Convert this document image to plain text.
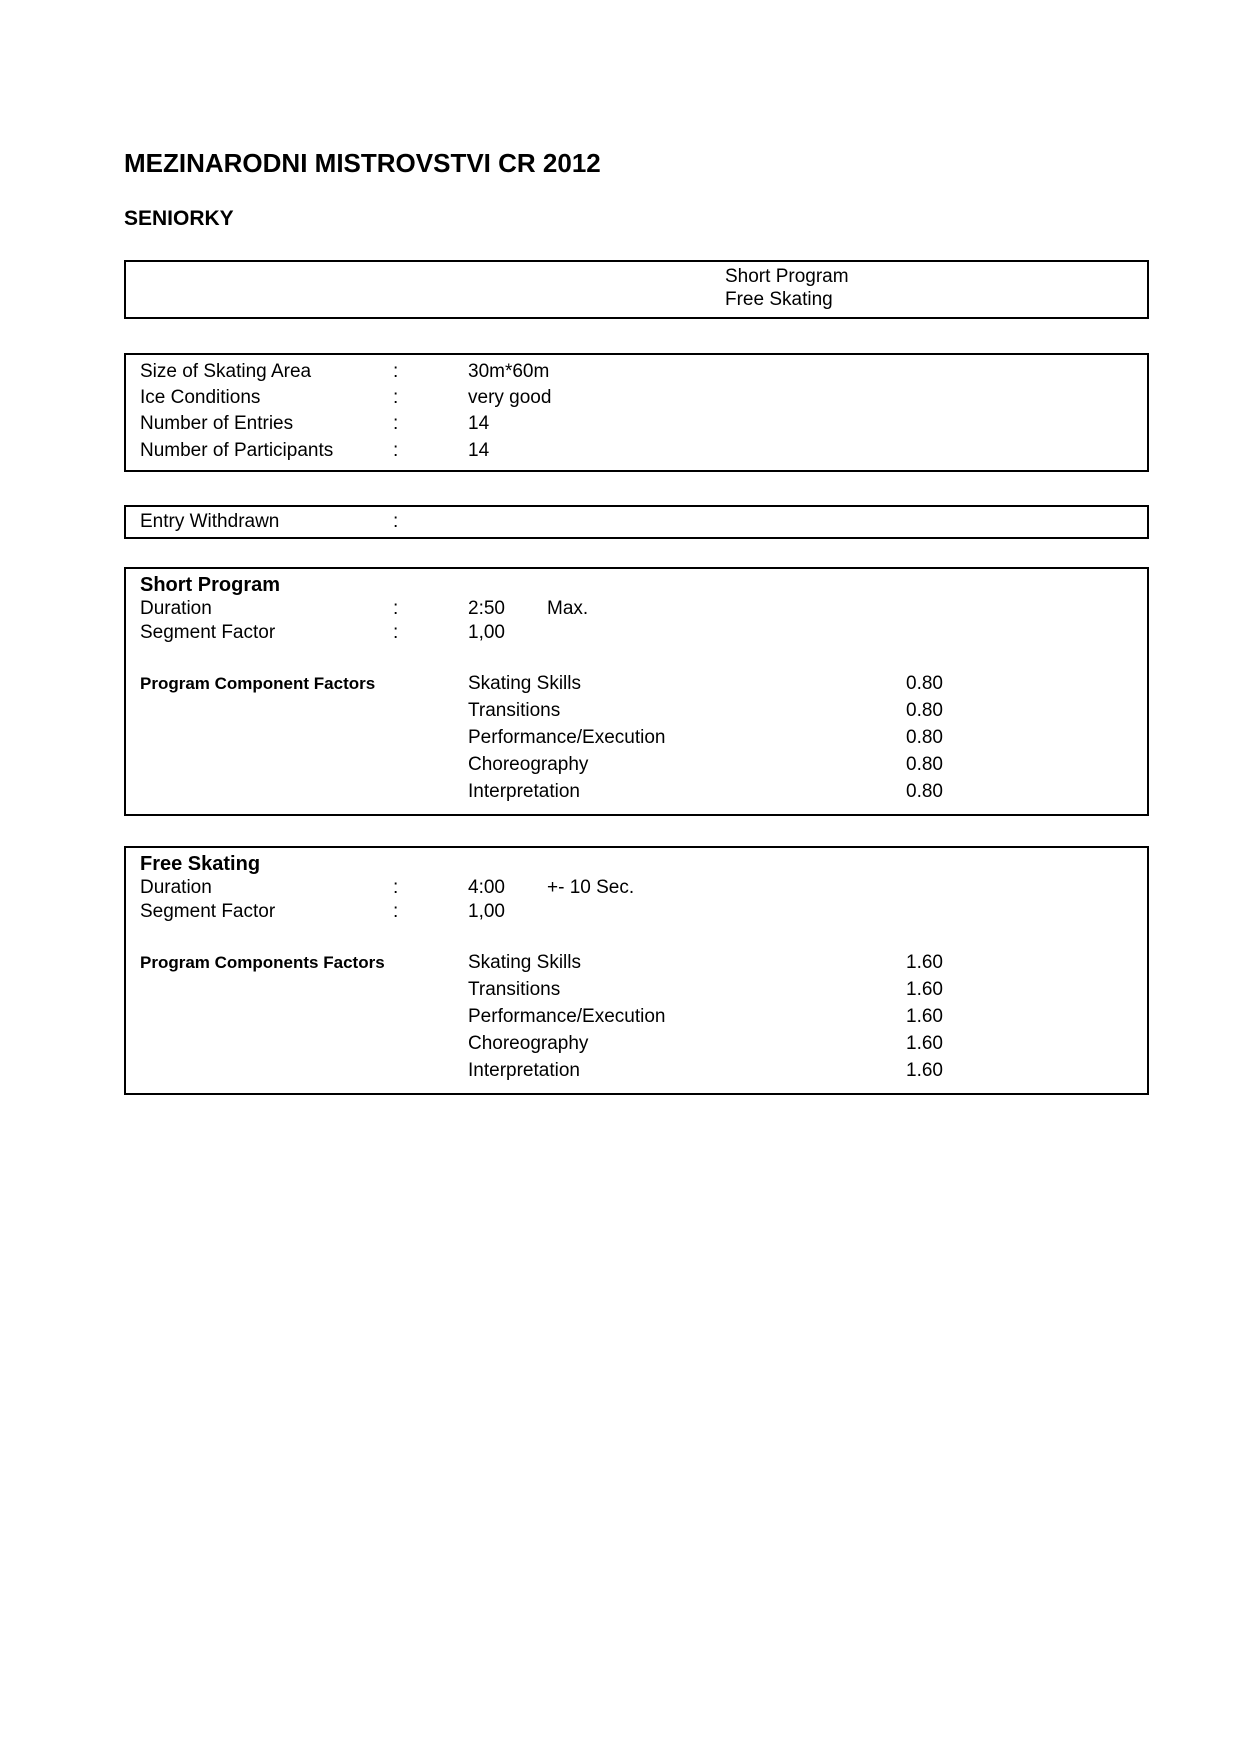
MEZINARODNI MISTROVSTVI CR 2012
SENIORKY
Short Program
Free Skating
Size of Skating Area	:	30m*60m
Ice Conditions	:	very good
Number of Entries	:	14
Number of Participants	:	14
Entry Withdrawn	:
Short Program
Duration	:	2:50 Max.
Segment Factor	:	1,00
Program Component Factors	Skating Skills	0.80
Transitions	0.80
Performance/Execution	0.80
Choreography	0.80
Interpretation	0.80
Free Skating
Duration	:	4:00 +- 10 Sec.
Segment Factor	:	1,00
Program Components Factors	Skating Skills	1.60
Transitions	1.60
Performance/Execution	1.60
Choreography	1.60
Interpretation	1.60
